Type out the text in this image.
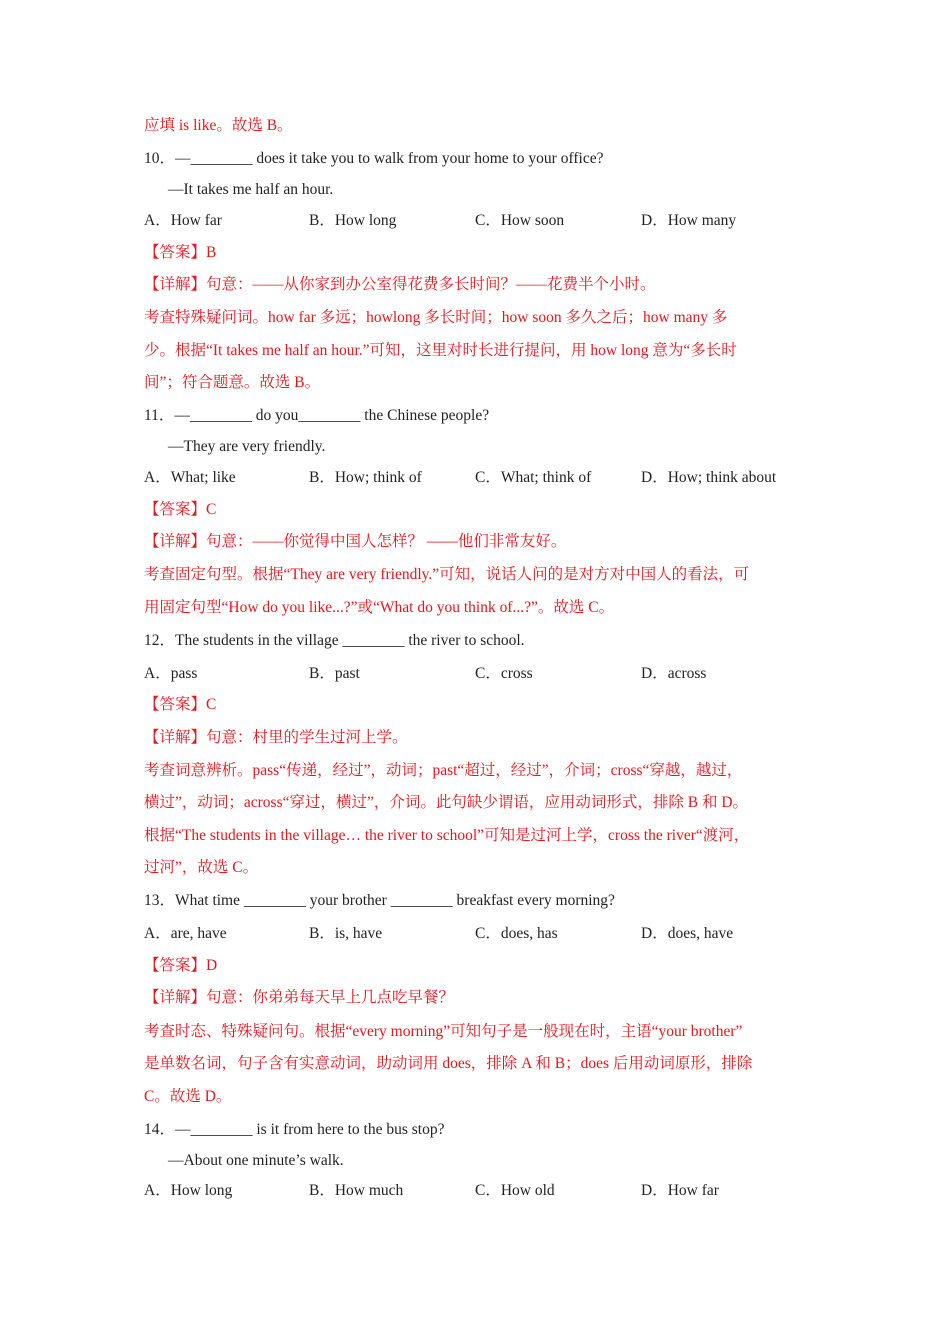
应填 is like。故选 B。
10．—________ does it take you to walk from your home to your office?
—It takes me half an hour.
A．How far	B．How long	C．How soon	D．How many
【答案】B
【详解】句意：——从你家到办公室得花费多长时间？——花费半个小时。
考查特殊疑问词。how far 多远；howlong 多长时间；how soon 多久之后；how many 多
少。根据“It takes me half an hour.”可知，这里对时长进行提问，用 how long 意为“多长时
间”；符合题意。故选 B。
11．—________ do you________ the Chinese people?
—They are very friendly.
A．What; like	B．How; think of	C．What; think of	D．How; think about
【答案】C
【详解】句意：——你觉得中国人怎样？ ——他们非常友好。
考查固定句型。根据“They are very friendly.”可知，说话人问的是对方对中国人的看法，可
用固定句型“How do you like...?”或“What do you think of...?”。故选 C。
12．The students in the village ________ the river to school.
A．pass	B．past	C．cross	D．across
【答案】C
【详解】句意：村里的学生过河上学。
考查词意辨析。pass“传递，经过”，动词；past“超过，经过”，介词；cross“穿越，越过，
横过”，动词；across“穿过，横过”，介词。此句缺少谓语，应用动词形式，排除 B 和 D。
根据“The students in the village… the river to school”可知是过河上学，cross the river“渡河，
过河”，故选 C。
13．What time ________ your brother ________ breakfast every morning?
A．are, have	B．is, have	C．does, has	D．does, have
【答案】D
【详解】句意：你弟弟每天早上几点吃早餐？
考查时态、特殊疑问句。根据“every morning”可知句子是一般现在时，主语“your brother”
是单数名词，句子含有实意动词，助动词用 does，排除 A 和 B；does 后用动词原形，排除
C。故选 D。
14．—________ is it from here to the bus stop?
—About one minute’s walk.
A．How long	B．How much	C．How old	D．How far
